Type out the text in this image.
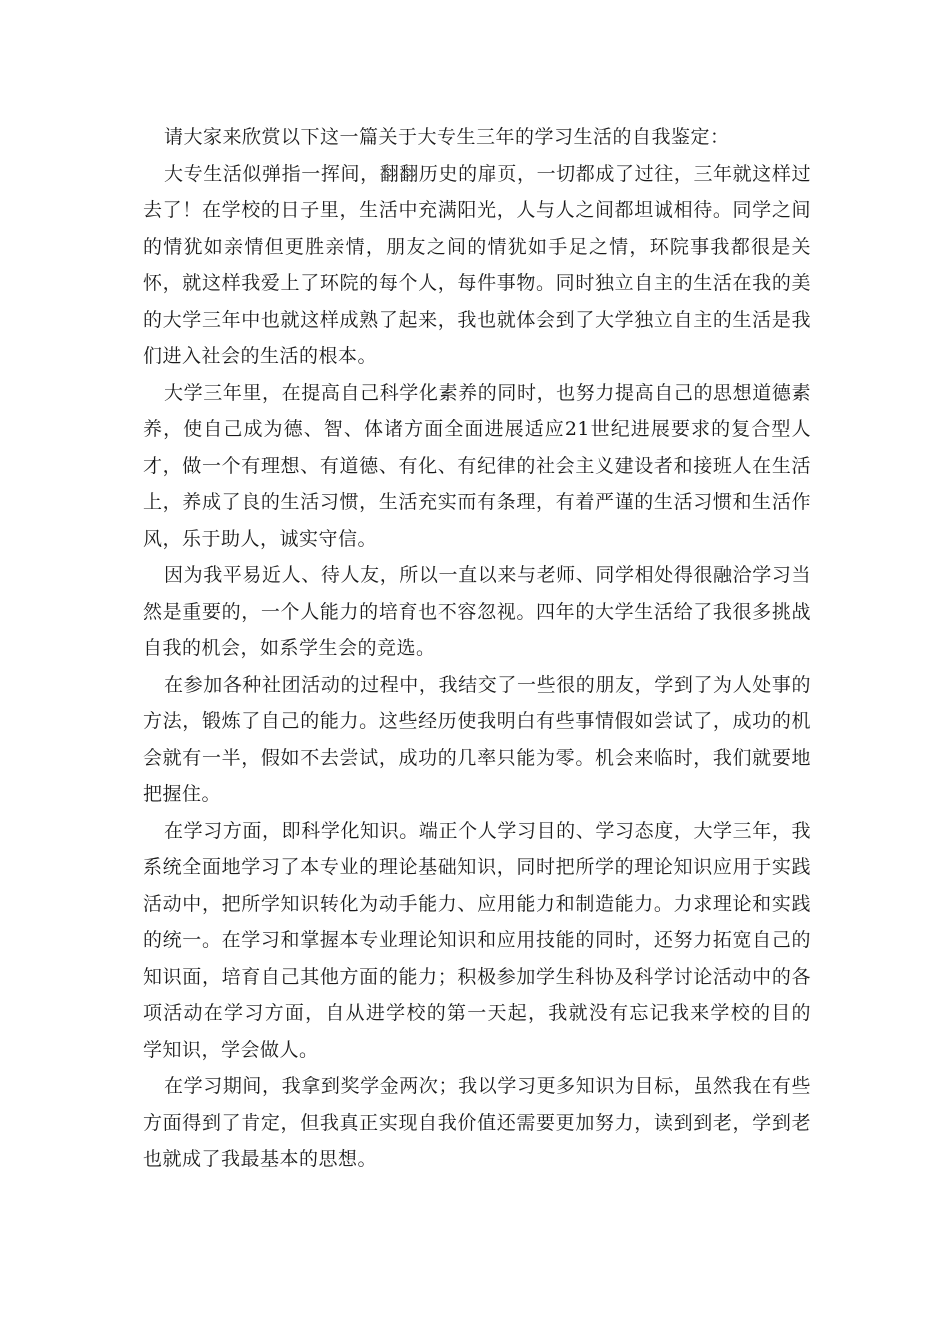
请大家来欣赏以下这一篇关于大专生三年的学习生活的自我鉴定：

大专生活似弹指一挥间，翻翻历史的扉页，一切都成了过往，三年就这样过去了！在学校的日子里，生活中充满阳光，人与人之间都坦诚相待。同学之间的情犹如亲情但更胜亲情，朋友之间的情犹如手足之情，环院事我都很是关怀，就这样我爱上了环院的每个人，每件事物。同时独立自主的生活在我的美的大学三年中也就这样成熟了起来，我也就体会到了大学独立自主的生活是我们进入社会的生活的根本。

大学三年里，在提高自己科学化素养的同时，也努力提高自己的思想道德素养，使自己成为德、智、体诸方面全面进展适应21世纪进展要求的复合型人才，做一个有理想、有道德、有化、有纪律的社会主义建设者和接班人在生活上，养成了良的生活习惯，生活充实而有条理，有着严谨的生活习惯和生活作风，乐于助人，诚实守信。

因为我平易近人、待人友，所以一直以来与老师、同学相处得很融洽学习当然是重要的，一个人能力的培育也不容忽视。四年的大学生活给了我很多挑战自我的机会，如系学生会的竞选。

在参加各种社团活动的过程中，我结交了一些很的朋友，学到了为人处事的方法，锻炼了自己的能力。这些经历使我明白有些事情假如尝试了，成功的机会就有一半，假如不去尝试，成功的几率只能为零。机会来临时，我们就要地把握住。

在学习方面，即科学化知识。端正个人学习目的、学习态度，大学三年，我系统全面地学习了本专业的理论基础知识，同时把所学的理论知识应用于实践活动中，把所学知识转化为动手能力、应用能力和制造能力。力求理论和实践的统一。在学习和掌握本专业理论知识和应用技能的同时，还努力拓宽自己的知识面，培育自己其他方面的能力；积极参加学生科协及科学讨论活动中的各项活动在学习方面，自从进学校的第一天起，我就没有忘记我来学校的目的 学知识，学会做人。

在学习期间，我拿到奖学金两次；我以学习更多知识为目标，虽然我在有些方面得到了肯定，但我真正实现自我价值还需要更加努力，读到到老，学到老也就成了我最基本的思想。
